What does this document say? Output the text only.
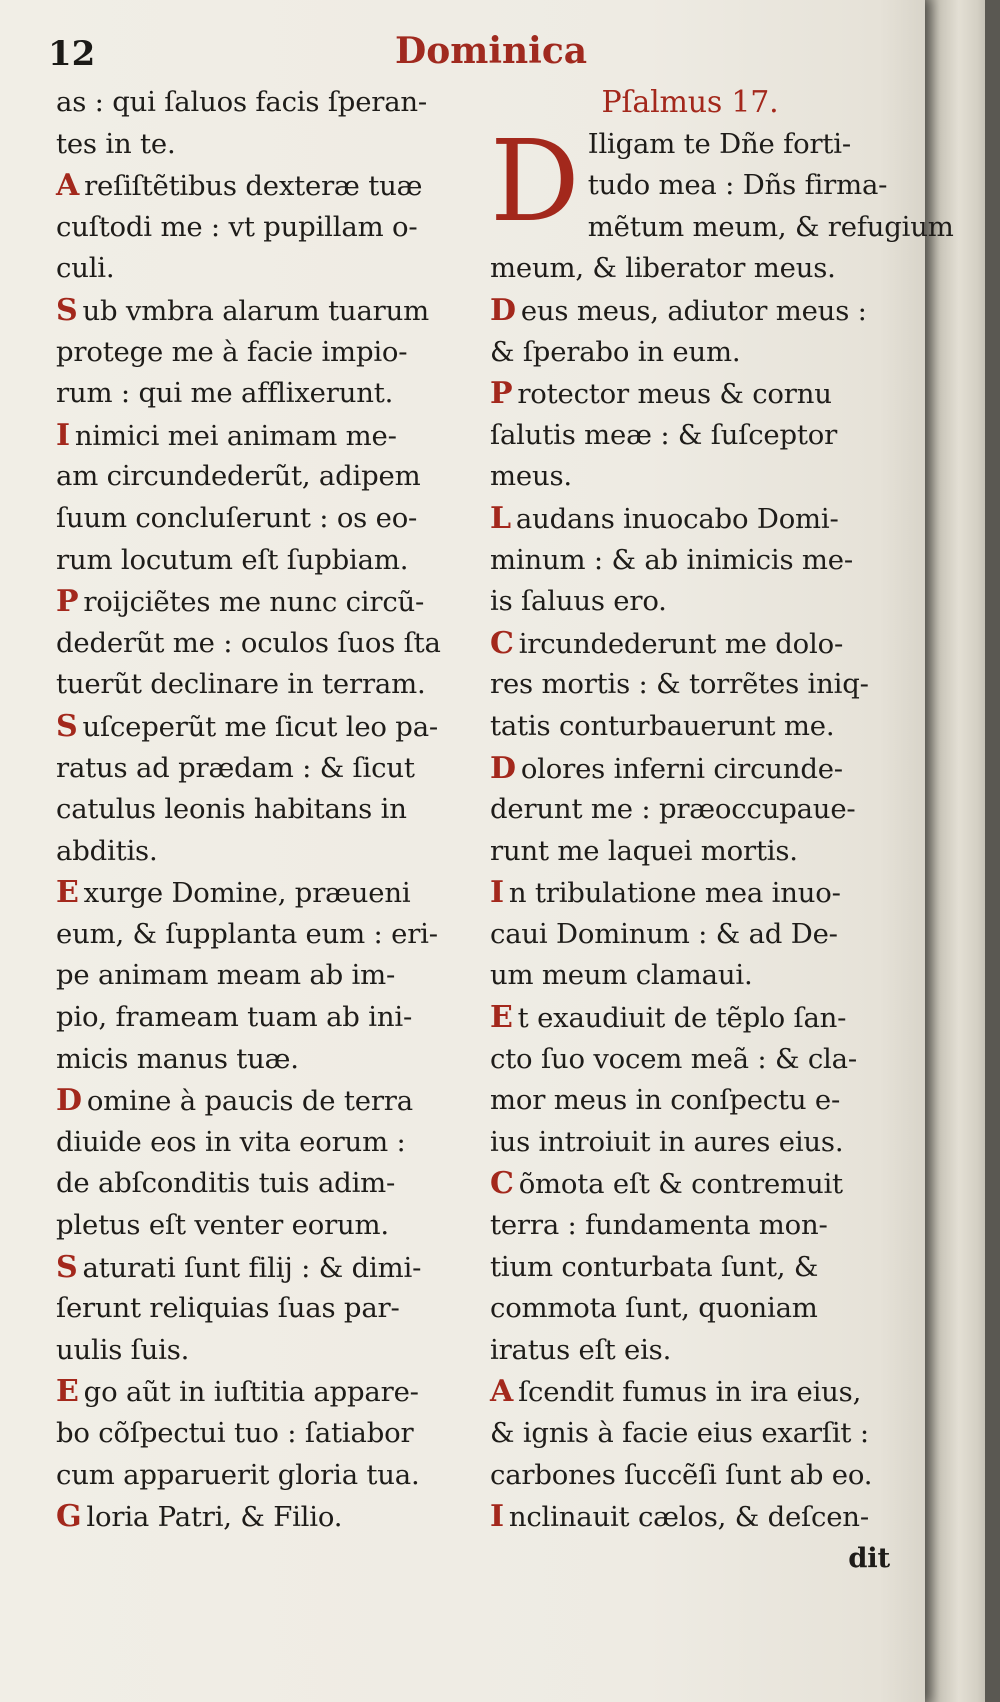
12	Dominica
as : qui ſaluos facis ſperan-
tes in te.
A reſiſtẽtibus dexteræ tuæ
cuſtodi me : vt pupillam o-
culi.
S ub vmbra alarum tuarum
protege me à facie impio-
rum : qui me afflixerunt.
I nimici mei animam me-
am circundederũt, adipem
ſuum concluſerunt : os eo-
rum locutum eſt ſupbiam.
P roijciẽtes me nunc circũ-
dederũt me : oculos ſuos ſta
tuerũt declinare in terram.
S uſceperũt me ſicut leo pa-
ratus ad prædam : & ſicut
catulus leonis habitans in
abditis.
E xurge Domine, præueni
eum, & ſupplanta eum : eri-
pe animam meam ab im-
pio, frameam tuam ab ini-
micis manus tuæ.
D omine à paucis de terra
diuide eos in vita eorum :
de abſconditis tuis adim-
pletus eſt venter eorum.
S aturati ſunt filij : & dimi-
ſerunt reliquias ſuas par-
uulis ſuis.
E go aũt in iuſtitia appare-
bo cõſpectui tuo : ſatiabor
cum apparuerit gloria tua.
G loria Patri, & Filio.
Pſalmus 17.
D Iligam te Dñe forti-
tudo mea : Dñs firma-
mẽtum meum, & refugium
meum, & liberator meus.
D eus meus, adiutor meus :
& ſperabo in eum.
P rotector meus & cornu
ſalutis meæ : & ſuſceptor
meus.
L audans inuocabo Domi-
minum : & ab inimicis me-
is ſaluus ero.
C ircundederunt me dolo-
res mortis : & torrẽtes iniq-
tatis conturbauerunt me.
D olores inferni circunde-
derunt me : præoccupaue-
runt me laquei mortis.
I n tribulatione mea inuo-
caui Dominum : & ad De-
um meum clamaui.
E t exaudiuit de tẽplo ſan-
cto ſuo vocem meã : & cla-
mor meus in conſpectu e-
ius introiuit in aures eius.
C õmota eſt & contremuit
terra : fundamenta mon-
tium conturbata ſunt, &
commota ſunt, quoniam
iratus eſt eis.
A ſcendit fumus in ira eius,
& ignis à facie eius exarſit :
carbones ſuccẽſi ſunt ab eo.
I nclinauit cælos, & deſcen-
dit
